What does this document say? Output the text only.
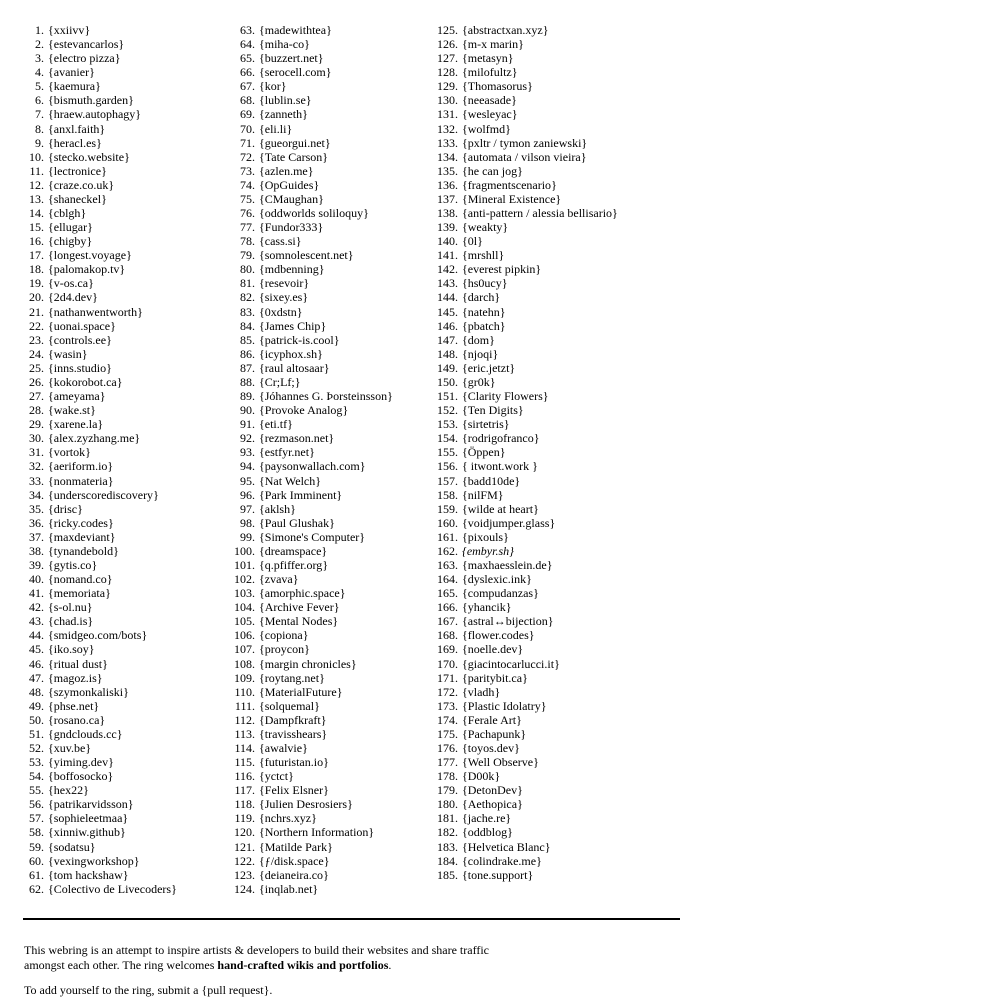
1. {xxiivv}
2. {estevancarlos}
3. {electro pizza}
4. {avanier}
5. {kaemura}
6. {bismuth.garden}
7. {hraew.autophagy}
8. {anxl.faith}
9. {heracl.es}
10. {stecko.website}
11. {lectronice}
12. {craze.co.uk}
13. {shaneckel}
14. {cblgh}
15. {ellugar}
16. {chigby}
17. {longest.voyage}
18. {palomakop.tv}
19. {v-os.ca}
20. {2d4.dev}
21. {nathanwentworth}
22. {uonai.space}
23. {controls.ee}
24. {wasin}
25. {inns.studio}
26. {kokorobot.ca}
27. {ameyama}
28. {wake.st}
29. {xarene.la}
30. {alex.zyzhang.me}
31. {vortok}
32. {aeriform.io}
33. {nonmateria}
34. {underscorediscovery}
35. {drisc}
36. {ricky.codes}
37. {maxdeviant}
38. {tynandebold}
39. {gytis.co}
40. {nomand.co}
41. {memoriata}
42. {s-ol.nu}
43. {chad.is}
44. {smidgeo.com/bots}
45. {iko.soy}
46. {ritual dust}
47. {magoz.is}
48. {szymonkaliski}
49. {phse.net}
50. {rosano.ca}
51. {gndclouds.cc}
52. {xuv.be}
53. {yiming.dev}
54. {boffosocko}
55. {hex22}
56. {patrikarvidsson}
57. {sophieleetmaa}
58. {xinniw.github}
59. {sodatsu}
60. {vexingworkshop}
61. {tom hackshaw}
62. {Colectivo de Livecoders}
63. {madewithtea}
64. {miha-co}
65. {buzzert.net}
66. {serocell.com}
67. {kor}
68. {lublin.se}
69. {zanneth}
70. {eli.li}
71. {gueorgui.net}
72. {Tate Carson}
73. {azlen.me}
74. {OpGuides}
75. {CMaughan}
76. {oddworlds soliloquy}
77. {Fundor333}
78. {cass.si}
79. {somnolescent.net}
80. {mdbenning}
81. {resevoir}
82. {sixey.es}
83. {0xdstn}
84. {James Chip}
85. {patrick-is.cool}
86. {icyphox.sh}
87. {raul altosaar}
88. {Cr;Lf;}
89. {Jóhannes G. Þorsteinsson}
90. {Provoke Analog}
91. {eti.tf}
92. {rezmason.net}
93. {estfyr.net}
94. {paysonwallach.com}
95. {Nat Welch}
96. {Park Imminent}
97. {aklsh}
98. {Paul Glushak}
99. {Simone's Computer}
100. {dreamspace}
101. {q.pfiffer.org}
102. {zvava}
103. {amorphic.space}
104. {Archive Fever}
105. {Mental Nodes}
106. {copiona}
107. {proycon}
108. {margin chronicles}
109. {roytang.net}
110. {MaterialFuture}
111. {solquemal}
112. {Dampfkraft}
113. {travisshears}
114. {awalvie}
115. {futuristan.io}
116. {yctct}
117. {Felix Elsner}
118. {Julien Desrosiers}
119. {nchrs.xyz}
120. {Northern Information}
121. {Matilde Park}
122. {ƒ/disk.space}
123. {deianeira.co}
124. {inqlab.net}
125. {abstractxan.xyz}
126. {m-x marin}
127. {metasyn}
128. {milofultz}
129. {Thomasorus}
130. {neeasade}
131. {wesleyac}
132. {wolfmd}
133. {pxltr / tymon zaniewski}
134. {automata / vilson vieira}
135. {he can jog}
136. {fragmentscenario}
137. {Mineral Existence}
138. {anti-pattern / alessia bellisario}
139. {weakty}
140. {0l}
141. {mrshll}
142. {everest pipkin}
143. {hs0ucy}
144. {darch}
145. {natehn}
146. {pbatch}
147. {dom}
148. {njoqi}
149. {eric.jetzt}
150. {gr0k}
151. {Clarity Flowers}
152. {Ten Digits}
153. {sirtetris}
154. {rodrigofranco}
155. {Öppen}
156. { itwont.work }
157. {badd10de}
158. {nilFM}
159. {wilde at heart}
160. {voidjumper.glass}
161. {pixouls}
162. {embyr.sh}
163. {maxhaesslein.de}
164. {dyslexic.ink}
165. {compudanzas}
166. {yhancik}
167. {astral↔bijection}
168. {flower.codes}
169. {noelle.dev}
170. {giacintocarlucci.it}
171. {paritybit.ca}
172. {vladh}
173. {Plastic Idolatry}
174. {Ferale Art}
175. {Pachapunk}
176. {toyos.dev}
177. {Well Observe}
178. {D00k}
179. {DetonDev}
180. {Aethopica}
181. {jache.re}
182. {oddblog}
183. {Helvetica Blanc}
184. {colindrake.me}
185. {tone.support}

This webring is an attempt to inspire artists & developers to build their websites and share traffic amongst each other. The ring welcomes hand-crafted wikis and portfolios.

To add yourself to the ring, submit a {pull request}.
